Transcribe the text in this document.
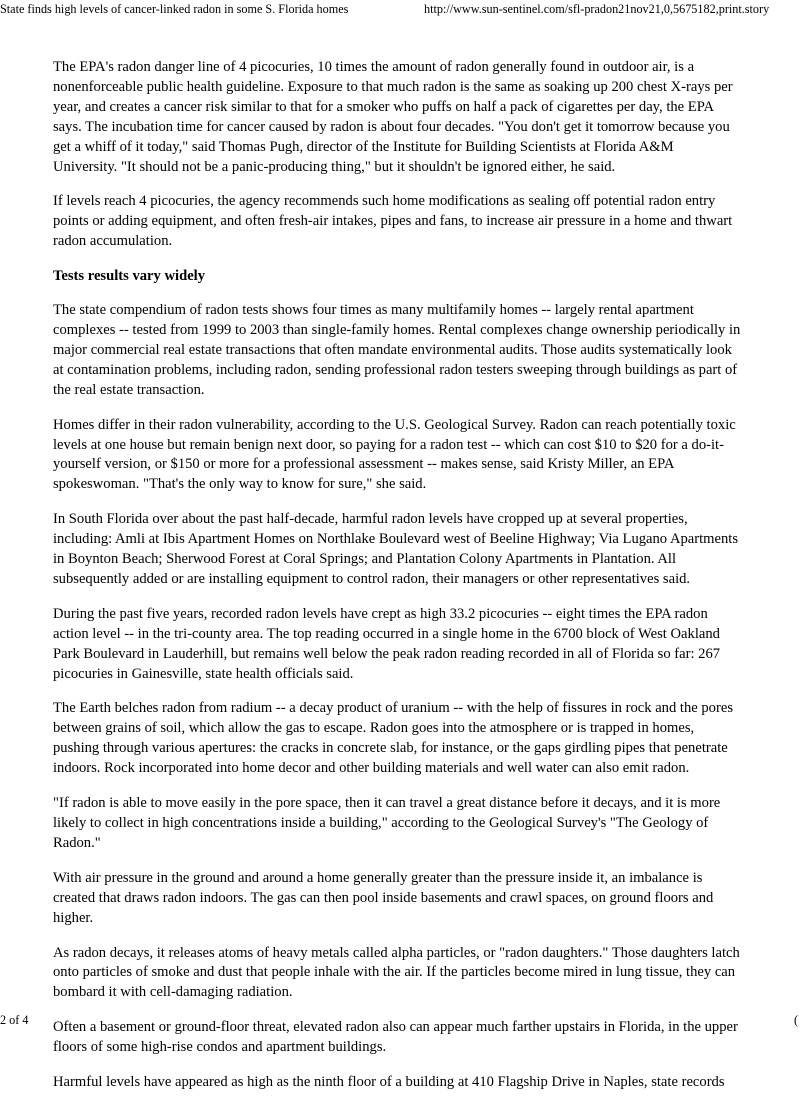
State finds high levels of cancer-linked radon in some S. Florida homes	http://www.sun-sentinel.com/sfl-pradon21nov21,0,5675182,print.story

The EPA's radon danger line of 4 picocuries, 10 times the amount of radon generally found in outdoor air, is a nonenforceable public health guideline. Exposure to that much radon is the same as soaking up 200 chest X-rays per year, and creates a cancer risk similar to that for a smoker who puffs on half a pack of cigarettes per day, the EPA says. The incubation time for cancer caused by radon is about four decades. "You don't get it tomorrow because you get a whiff of it today," said Thomas Pugh, director of the Institute for Building Scientists at Florida A&M University. "It should not be a panic-producing thing," but it shouldn't be ignored either, he said.

If levels reach 4 picocuries, the agency recommends such home modifications as sealing off potential radon entry points or adding equipment, and often fresh-air intakes, pipes and fans, to increase air pressure in a home and thwart radon accumulation.

Tests results vary widely

The state compendium of radon tests shows four times as many multifamily homes -- largely rental apartment complexes -- tested from 1999 to 2003 than single-family homes. Rental complexes change ownership periodically in major commercial real estate transactions that often mandate environmental audits. Those audits systematically look at contamination problems, including radon, sending professional radon testers sweeping through buildings as part of the real estate transaction.

Homes differ in their radon vulnerability, according to the U.S. Geological Survey. Radon can reach potentially toxic levels at one house but remain benign next door, so paying for a radon test -- which can cost $10 to $20 for a do-it-yourself version, or $150 or more for a professional assessment -- makes sense, said Kristy Miller, an EPA spokeswoman. "That's the only way to know for sure," she said.

In South Florida over about the past half-decade, harmful radon levels have cropped up at several properties, including: Amli at Ibis Apartment Homes on Northlake Boulevard west of Beeline Highway; Via Lugano Apartments in Boynton Beach; Sherwood Forest at Coral Springs; and Plantation Colony Apartments in Plantation. All subsequently added or are installing equipment to control radon, their managers or other representatives said.

During the past five years, recorded radon levels have crept as high 33.2 picocuries -- eight times the EPA radon action level -- in the tri-county area. The top reading occurred in a single home in the 6700 block of West Oakland Park Boulevard in Lauderhill, but remains well below the peak radon reading recorded in all of Florida so far: 267 picocuries in Gainesville, state health officials said.

The Earth belches radon from radium -- a decay product of uranium -- with the help of fissures in rock and the pores between grains of soil, which allow the gas to escape. Radon goes into the atmosphere or is trapped in homes, pushing through various apertures: the cracks in concrete slab, for instance, or the gaps girdling pipes that penetrate indoors. Rock incorporated into home decor and other building materials and well water can also emit radon.

"If radon is able to move easily in the pore space, then it can travel a great distance before it decays, and it is more likely to collect in high concentrations inside a building," according to the Geological Survey's "The Geology of Radon."

With air pressure in the ground and around a home generally greater than the pressure inside it, an imbalance is created that draws radon indoors. The gas can then pool inside basements and crawl spaces, on ground floors and higher.

As radon decays, it releases atoms of heavy metals called alpha particles, or "radon daughters." Those daughters latch onto particles of smoke and dust that people inhale with the air. If the particles become mired in lung tissue, they can bombard it with cell-damaging radiation.

Often a basement or ground-floor threat, elevated radon also can appear much farther upstairs in Florida, in the upper floors of some high-rise condos and apartment buildings.

Harmful levels have appeared as high as the ninth floor of a building at 410 Flagship Drive in Naples, state records

2 of 4	(
